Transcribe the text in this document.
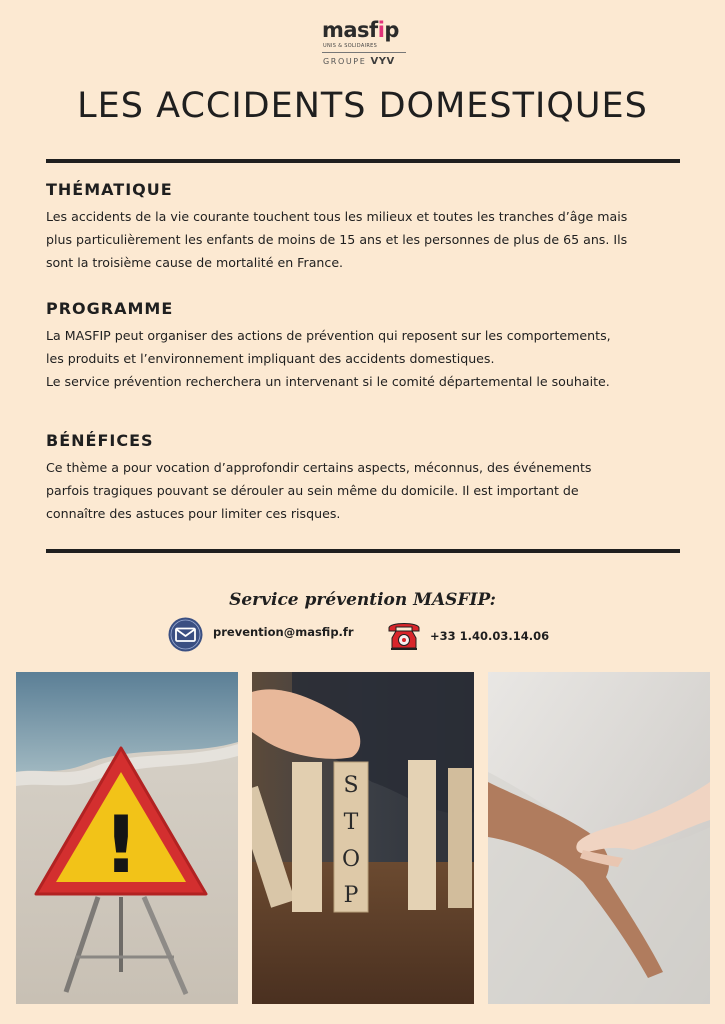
masfip
UNIS & SOLIDAIRES
GROUPE VYV
LES ACCIDENTS DOMESTIQUES
THÉMATIQUE

Les accidents de la vie courante touchent tous les milieux et toutes les tranches d’âge mais

plus particulièrement les enfants de moins de 15 ans et les personnes de plus de 65 ans. Ils

sont la troisième cause de mortalité en France.

PROGRAMME

La MASFIP peut organiser des actions de prévention qui reposent sur les comportements,

les produits et l’environnement impliquant des accidents domestiques.

Le service prévention recherchera un intervenant si le comité départemental le souhaite.

BÉNÉFICES

Ce thème a pour vocation d’approfondir certains aspects, méconnus, des événements

parfois tragiques pouvant se dérouler au sein même du domicile. Il est important de

connaître des astuces pour limiter ces risques.

Service prévention MASFIP:
prevention@masfip.fr	+33 1.40.03.14.06
!
S
T
O
P
